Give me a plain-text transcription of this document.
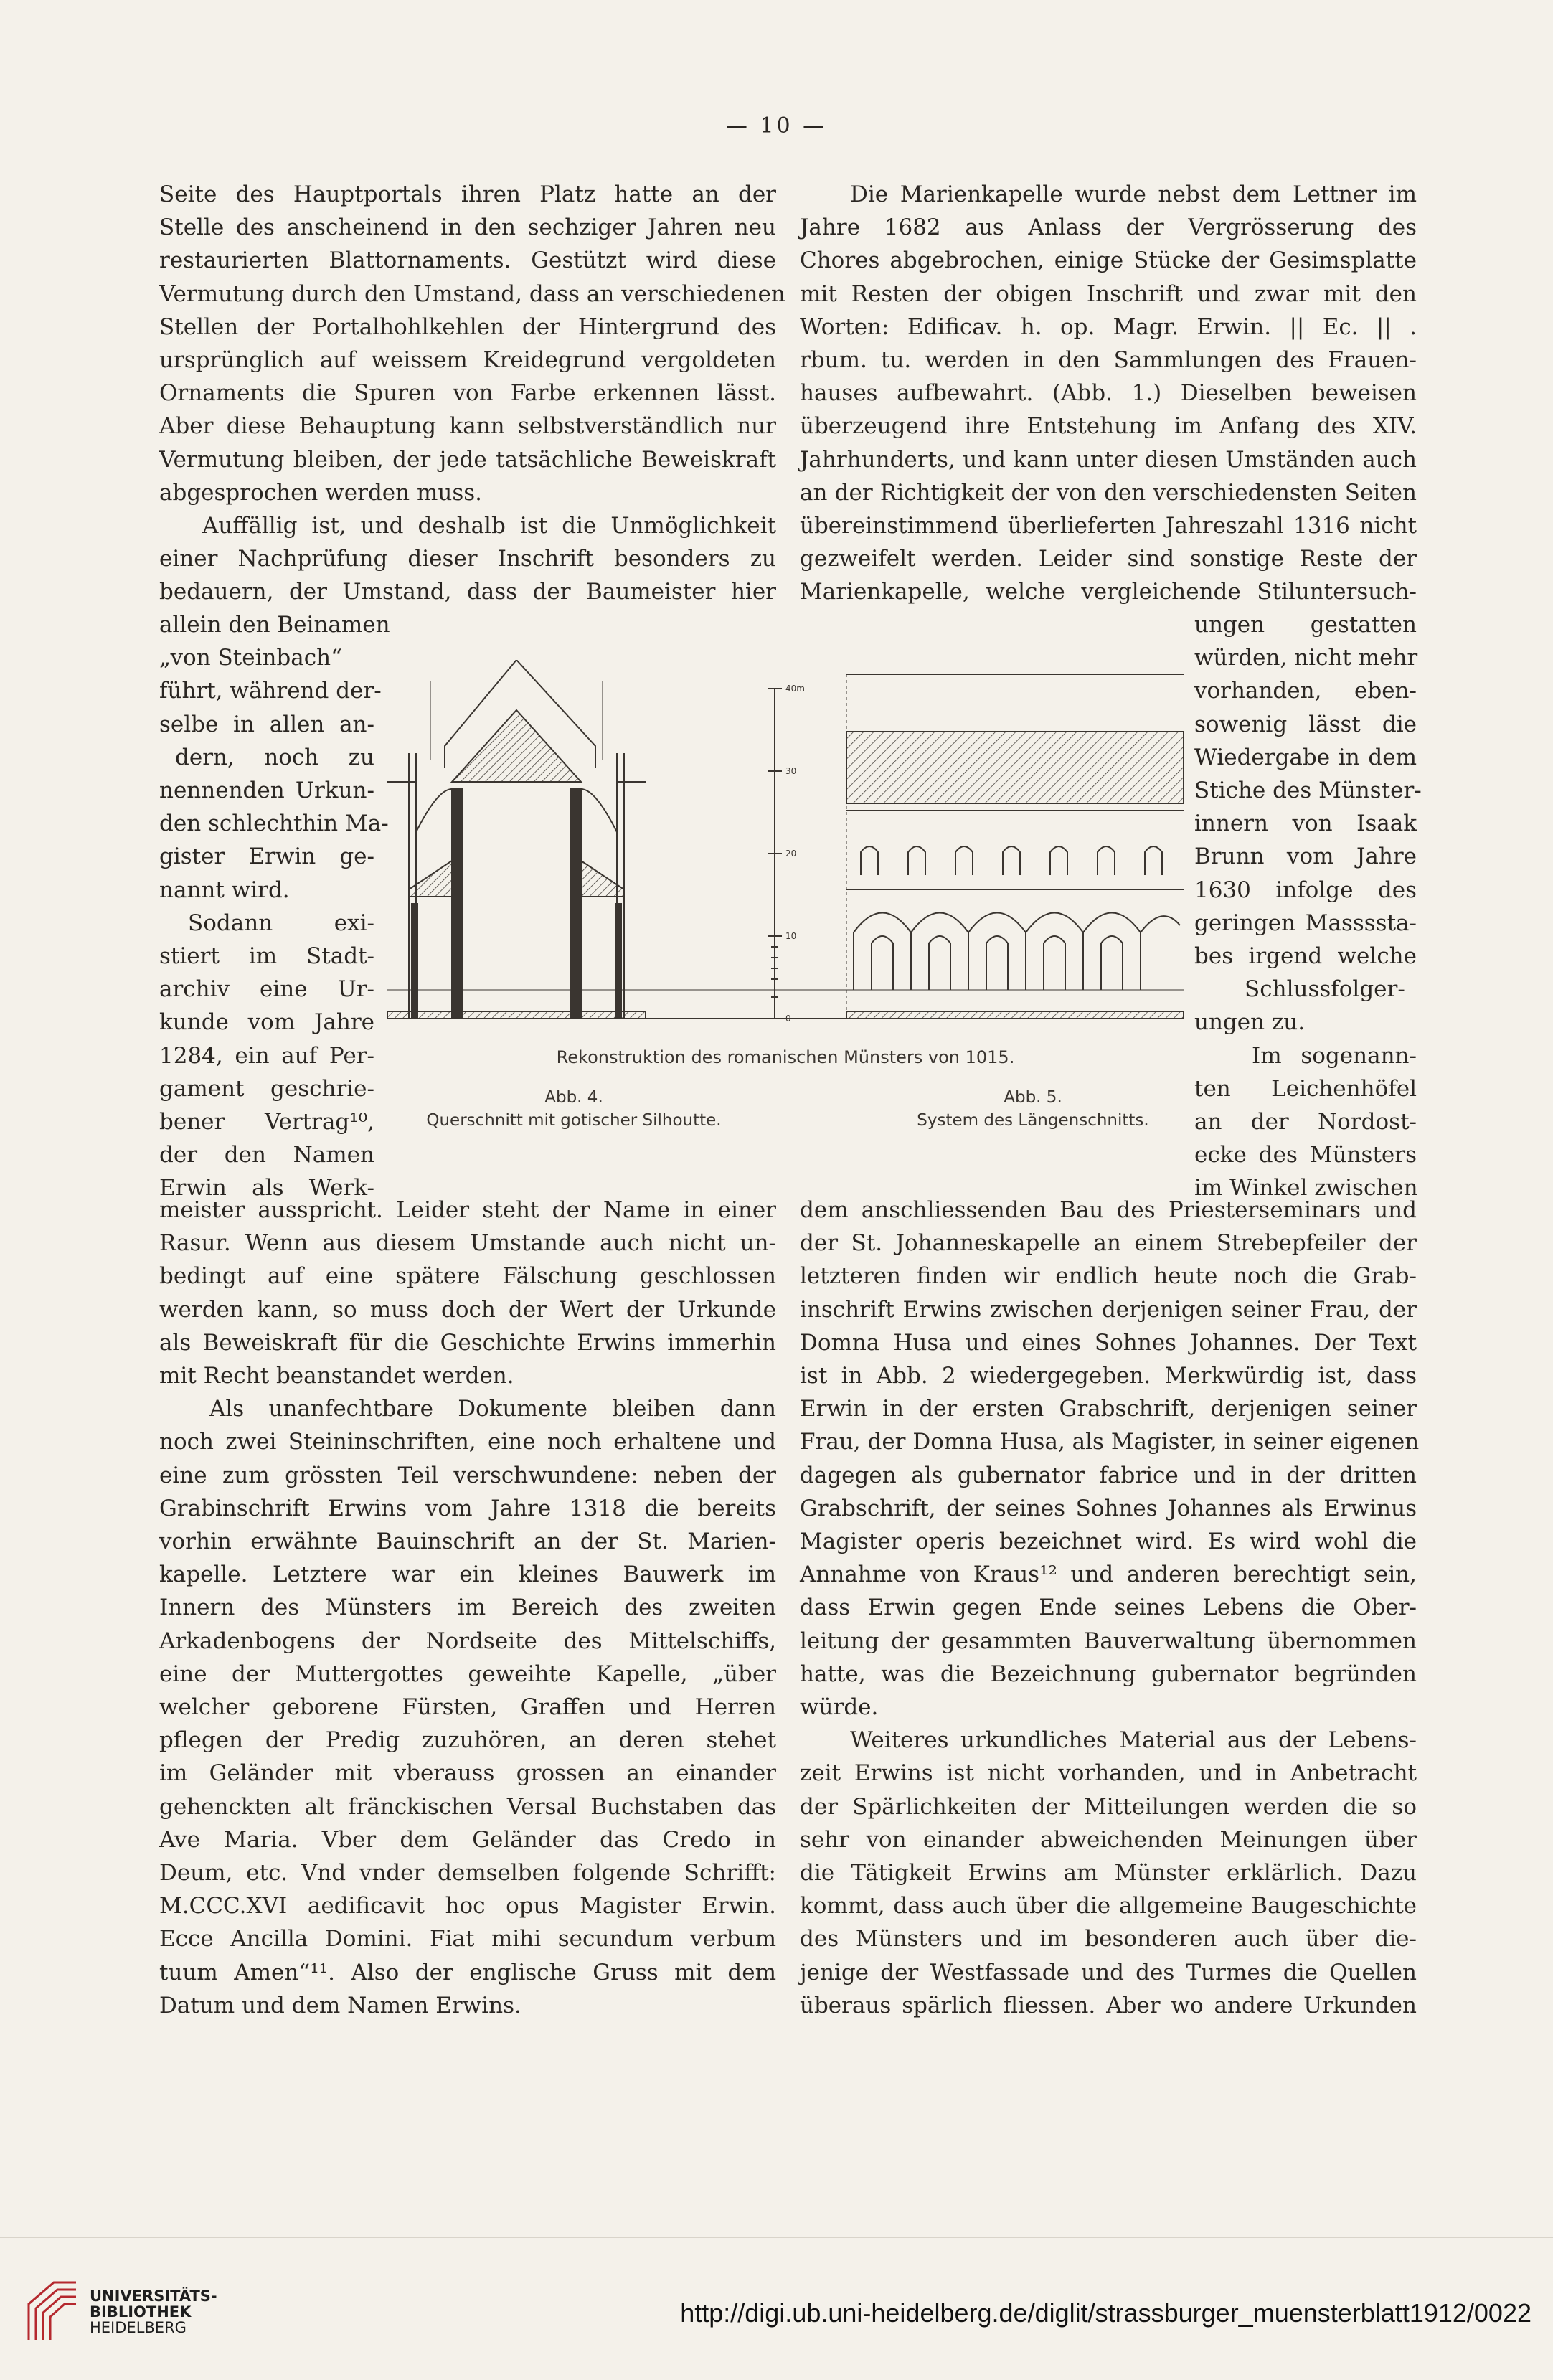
— 10 —

Seite des Hauptportals ihren Platz hatte an der

Stelle des anscheinend in den sechziger Jahren neu

restaurierten Blattornaments. Gestützt wird diese

Vermutung durch den Umstand, dass an verschiedenen

Stellen der Portalhohlkehlen der Hintergrund des

ursprünglich auf weissem Kreidegrund vergoldeten

Ornaments die Spuren von Farbe erkennen lässt.

Aber diese Behauptung kann selbstverständlich nur

Vermutung bleiben, der jede tatsächliche Beweiskraft

abgesprochen werden muss.

Auffällig ist, und deshalb ist die Unmöglichkeit

einer Nachprüfung dieser Inschrift besonders zu

bedauern, der Umstand, dass der Baumeister hier

allein den Beinamen

„von Steinbach“

führt, während der-

selbe in allen an-

dern, noch zu

nennenden Urkun-

den schlechthin Ma-

gister Erwin ge-

nannt wird.

Sodann exi-

stiert im Stadt-

archiv eine Ur-

kunde vom Jahre

1284, ein auf Per-

gament geschrie-

bener Vertrag¹⁰,

der den Namen

Erwin als Werk-

Die Marienkapelle wurde nebst dem Lettner im

Jahre 1682 aus Anlass der Vergrösserung des

Chores abgebrochen, einige Stücke der Gesimsplatte

mit Resten der obigen Inschrift und zwar mit den

Worten: Edificav. h. op. Magr. Erwin. || Ec. || .

rbum. tu. werden in den Sammlungen des Frauen-

hauses aufbewahrt. (Abb. 1.) Dieselben beweisen

überzeugend ihre Entstehung im Anfang des XIV.

Jahrhunderts, und kann unter diesen Umständen auch

an der Richtigkeit der von den verschiedensten Seiten

übereinstimmend überlieferten Jahreszahl 1316 nicht

gezweifelt werden. Leider sind sonstige Reste der

Marienkapelle, welche vergleichende Stiluntersuch-

ungen gestatten

würden, nicht mehr

vorhanden, eben-

sowenig lässt die

Wiedergabe in dem

Stiche des Münster-

innern von Isaak

Brunn vom Jahre

1630 infolge des

geringen Massssta-

bes irgend welche

Schlussfolger-

ungen zu.

Im sogenann-

ten Leichenhöfel

an der Nordost-

ecke des Münsters

im Winkel zwischen

40m
30
20
10
0
Rekonstruktion des romanischen Münsters von 1015.
Abb. 4.
Querschnitt mit gotischer Silhoutte.
Abb. 5.
System des Längenschnitts.

meister ausspricht. Leider steht der Name in einer

Rasur. Wenn aus diesem Umstande auch nicht un-

bedingt auf eine spätere Fälschung geschlossen

werden kann, so muss doch der Wert der Urkunde

als Beweiskraft für die Geschichte Erwins immerhin

mit Recht beanstandet werden.

Als unanfechtbare Dokumente bleiben dann

noch zwei Steininschriften, eine noch erhaltene und

eine zum grössten Teil verschwundene: neben der

Grabinschrift Erwins vom Jahre 1318 die bereits

vorhin erwähnte Bauinschrift an der St. Marien-

kapelle. Letztere war ein kleines Bauwerk im

Innern des Münsters im Bereich des zweiten

Arkadenbogens der Nordseite des Mittelschiffs,

eine der Muttergottes geweihte Kapelle, „über

welcher geborene Fürsten, Graffen und Herren

pflegen der Predig zuzuhören, an deren stehet

im Geländer mit vberauss grossen an einander

gehenckten alt fränckischen Versal Buchstaben das

Ave Maria. Vber dem Geländer das Credo in

Deum, etc. Vnd vnder demselben folgende Schrifft:

M.CCC.XVI aedificavit hoc opus Magister Erwin.

Ecce Ancilla Domini. Fiat mihi secundum verbum

tuum Amen“¹¹. Also der englische Gruss mit dem

Datum und dem Namen Erwins.

dem anschliessenden Bau des Priesterseminars und

der St. Johanneskapelle an einem Strebepfeiler der

letzteren finden wir endlich heute noch die Grab-

inschrift Erwins zwischen derjenigen seiner Frau, der

Domna Husa und eines Sohnes Johannes. Der Text

ist in Abb. 2 wiedergegeben. Merkwürdig ist, dass

Erwin in der ersten Grabschrift, derjenigen seiner

Frau, der Domna Husa, als Magister, in seiner eigenen

dagegen als gubernator fabrice und in der dritten

Grabschrift, der seines Sohnes Johannes als Erwinus

Magister operis bezeichnet wird. Es wird wohl die

Annahme von Kraus¹² und anderen berechtigt sein,

dass Erwin gegen Ende seines Lebens die Ober-

leitung der gesammten Bauverwaltung übernommen

hatte, was die Bezeichnung gubernator begründen

würde.

Weiteres urkundliches Material aus der Lebens-

zeit Erwins ist nicht vorhanden, und in Anbetracht

der Spärlichkeiten der Mitteilungen werden die so

sehr von einander abweichenden Meinungen über

die Tätigkeit Erwins am Münster erklärlich. Dazu

kommt, dass auch über die allgemeine Baugeschichte

des Münsters und im besonderen auch über die-

jenige der Westfassade und des Turmes die Quellen

überaus spärlich fliessen. Aber wo andere Urkunden

UNIVERSITÄTS-
BIBLIOTHEK
HEIDELBERG	http://digi.ub.uni-heidelberg.de/diglit/strassburger_muensterblatt1912/0022
